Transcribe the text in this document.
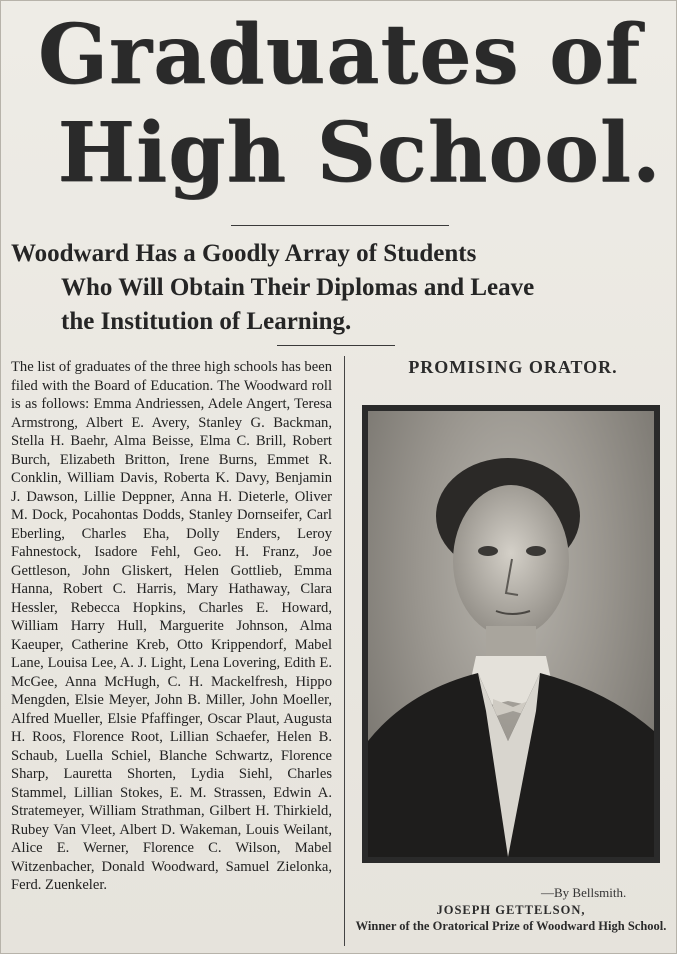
Graduates of
High School.
Woodward Has a Goodly Array of Students
Who Will Obtain Their Diplomas and Leave
the Institution of Learning.
The list of graduates of the three high schools has been filed with the Board of Education. The Woodward roll is as follows: Emma Andriessen, Adele Angert, Teresa Armstrong, Albert E. Avery, Stanley G. Backman, Stella H. Baehr, Alma Beisse, Elma C. Brill, Robert Burch, Elizabeth Britton, Irene Burns, Emmet R. Conklin, William Davis, Roberta K. Davy, Benjamin J. Dawson, Lillie Deppner, Anna H. Dieterle, Oliver M. Dock, Pocahontas Dodds, Stanley Dornseifer, Carl Eberling, Charles Eha, Dolly Enders, Leroy Fahnestock, Isadore Fehl, Geo. H. Franz, Joe Gettleson, John Gliskert, Helen Gottlieb, Emma Hanna, Robert C. Harris, Mary Hathaway, Clara Hessler, Rebecca Hopkins, Charles E. Howard, William Harry Hull, Marguerite Johnson, Alma Kaeuper, Catherine Kreb, Otto Krippendorf, Mabel Lane, Louisa Lee, A. J. Light, Lena Lovering, Edith E. McGee, Anna McHugh, C. H. Mackelfresh, Hippo Mengden, Elsie Meyer, John B. Miller, John Moeller, Alfred Mueller, Elsie Pfaffinger, Oscar Plaut, Augusta H. Roos, Florence Root, Lillian Schaefer, Helen B. Schaub, Luella Schiel, Blanche Schwartz, Florence Sharp, Lauretta Shorten, Lydia Siehl, Charles Stammel, Lillian Stokes, E. M. Strassen, Edwin A. Stratemeyer, William Strathman, Gilbert H. Thirkield, Rubey Van Vleet, Albert D. Wakeman, Louis Weilant, Alice E. Werner, Florence C. Wilson, Mabel Witzenbacher, Donald Woodward, Samuel Zielonka, Ferd. Zuenkeler.
PROMISING ORATOR.
—By Bellsmith.
JOSEPH GETTELSON,
Winner of the Oratorical Prize of Woodward High School.
